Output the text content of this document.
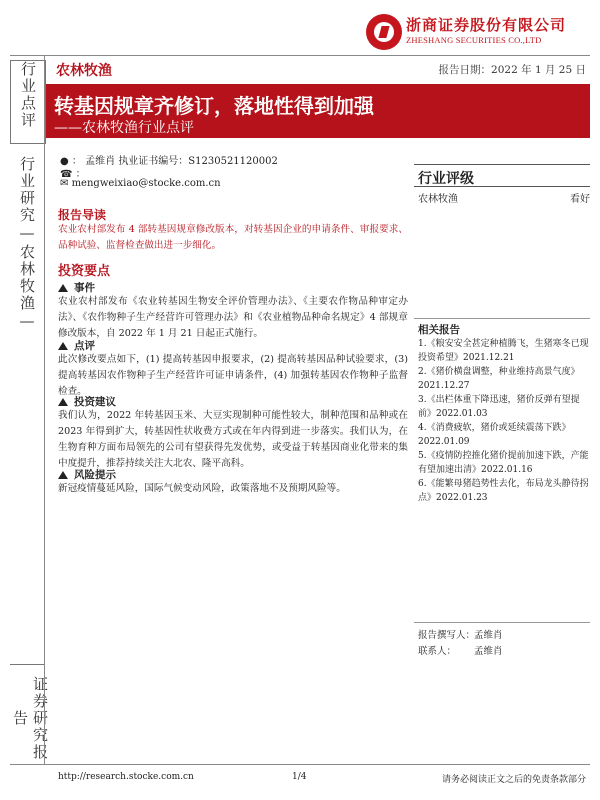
浙商证券股份有限公司
ZHESHANG SECURITIES CO.,LTD
农林牧渔	报告日期：2022 年 1 月 25 日
行业点评
行业研究—农林牧渔—
证券研究报告
转基因规章齐修订，落地性得到加强
——农林牧渔行业点评
● ： 孟维肖 执业证书编号：S1230521120002
☎ ：
✉ mengweixiao@stocke.com.cn	行业评级
农林牧渔	看好
报告导读
农业农村部发布 4 部转基因规章修改版本，对转基因企业的申请条件、审报要求、品种试验、监督检查做出进一步细化。
投资要点
事件
农业农村部发布《农业转基因生物安全评价管理办法》、《主要农作物品种审定办法》、《农作物种子生产经营许可管理办法》和《农业植物品种命名规定》4 部规章修改版本，自 2022 年 1 月 21 日起正式施行。
点评
此次修改要点如下，(1) 提高转基因申报要求，(2) 提高转基因品种试验要求，(3) 提高转基因农作物种子生产经营许可证申请条件，(4) 加强转基因农作物种子监督检查。
投资建议
我们认为，2022 年转基因玉米、大豆实现制种可能性较大，制种范围和品种或在 2023 年得到扩大，转基因性状收费方式或在年内得到进一步落实。我们认为，在生物育种方面布局领先的公司有望获得先发优势，或受益于转基因商业化带来的集中度提升，推荐持续关注大北农、隆平高科。
风险提示
新冠疫情蔓延风险，国际气候变动风险，政策落地不及预期风险等。
相关报告
1.《粮安安全甚定种植腾飞，生猪寒冬已现投资希望》2021.12.21
2.《猪价横盘调整，种业维持高景气度》2021.12.27
3.《出栏体重下降迅速，猪价反弹有望提前》2022.01.03
4.《消费疲软，猪价或延续震荡下跌》2022.01.09
5.《疫情防控推化猪价提前加速下跌，产能有望加速出清》2022.01.16
6.《能繁母猪趋势性去化，布局龙头静待拐点》2022.01.23
报告撰写人：
孟维肖
联系人： 孟维肖
http://research.stocke.com.cn	1/4	请务必阅读正文之后的免责条款部分
